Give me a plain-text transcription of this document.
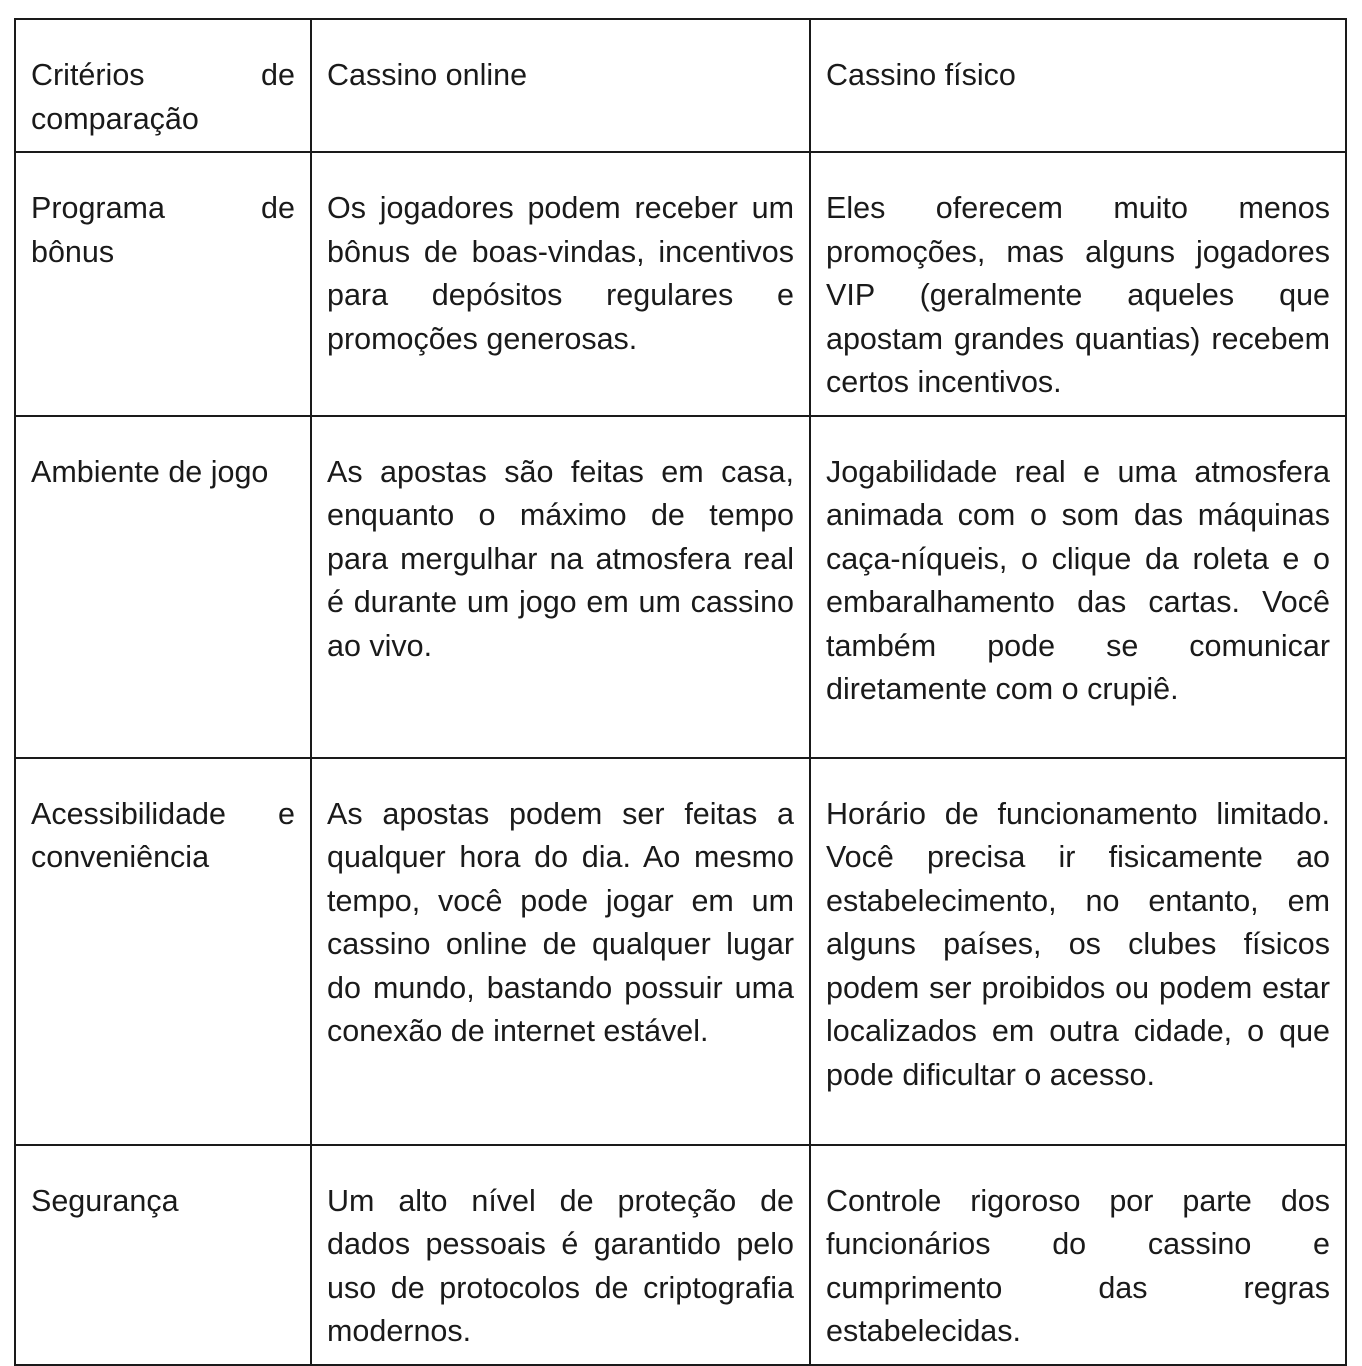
Critérios de comparação	Cassino online	Cassino físico
Programa de bônus	Os jogadores podem receber um bônus de boas-vindas, incentivos para depósitos regulares e promoções generosas.	Eles oferecem muito menos promoções, mas alguns jogadores VIP (geralmente aqueles que apostam grandes quantias) recebem certos incentivos.
Ambiente de jogo	As apostas são feitas em casa, enquanto o máximo de tempo para mergulhar na atmosfera real é durante um jogo em um cassino ao vivo.	Jogabilidade real e uma atmosfera animada com o som das máquinas caça-níqueis, o clique da roleta e o embaralhamento das cartas. Você também pode se comunicar diretamente com o crupiê.
Acessibilidade e conveniência	As apostas podem ser feitas a qualquer hora do dia. Ao mesmo tempo, você pode jogar em um cassino online de qualquer lugar do mundo, bastando possuir uma conexão de internet estável.	Horário de funcionamento limitado. Você precisa ir fisicamente ao estabelecimento, no entanto, em alguns países, os clubes físicos podem ser proibidos ou podem estar localizados em outra cidade, o que pode dificultar o acesso.
Segurança	Um alto nível de proteção de dados pessoais é garantido pelo uso de protocolos de criptografia modernos.	Controle rigoroso por parte dos funcionários do cassino e cumprimento das regras estabelecidas.
